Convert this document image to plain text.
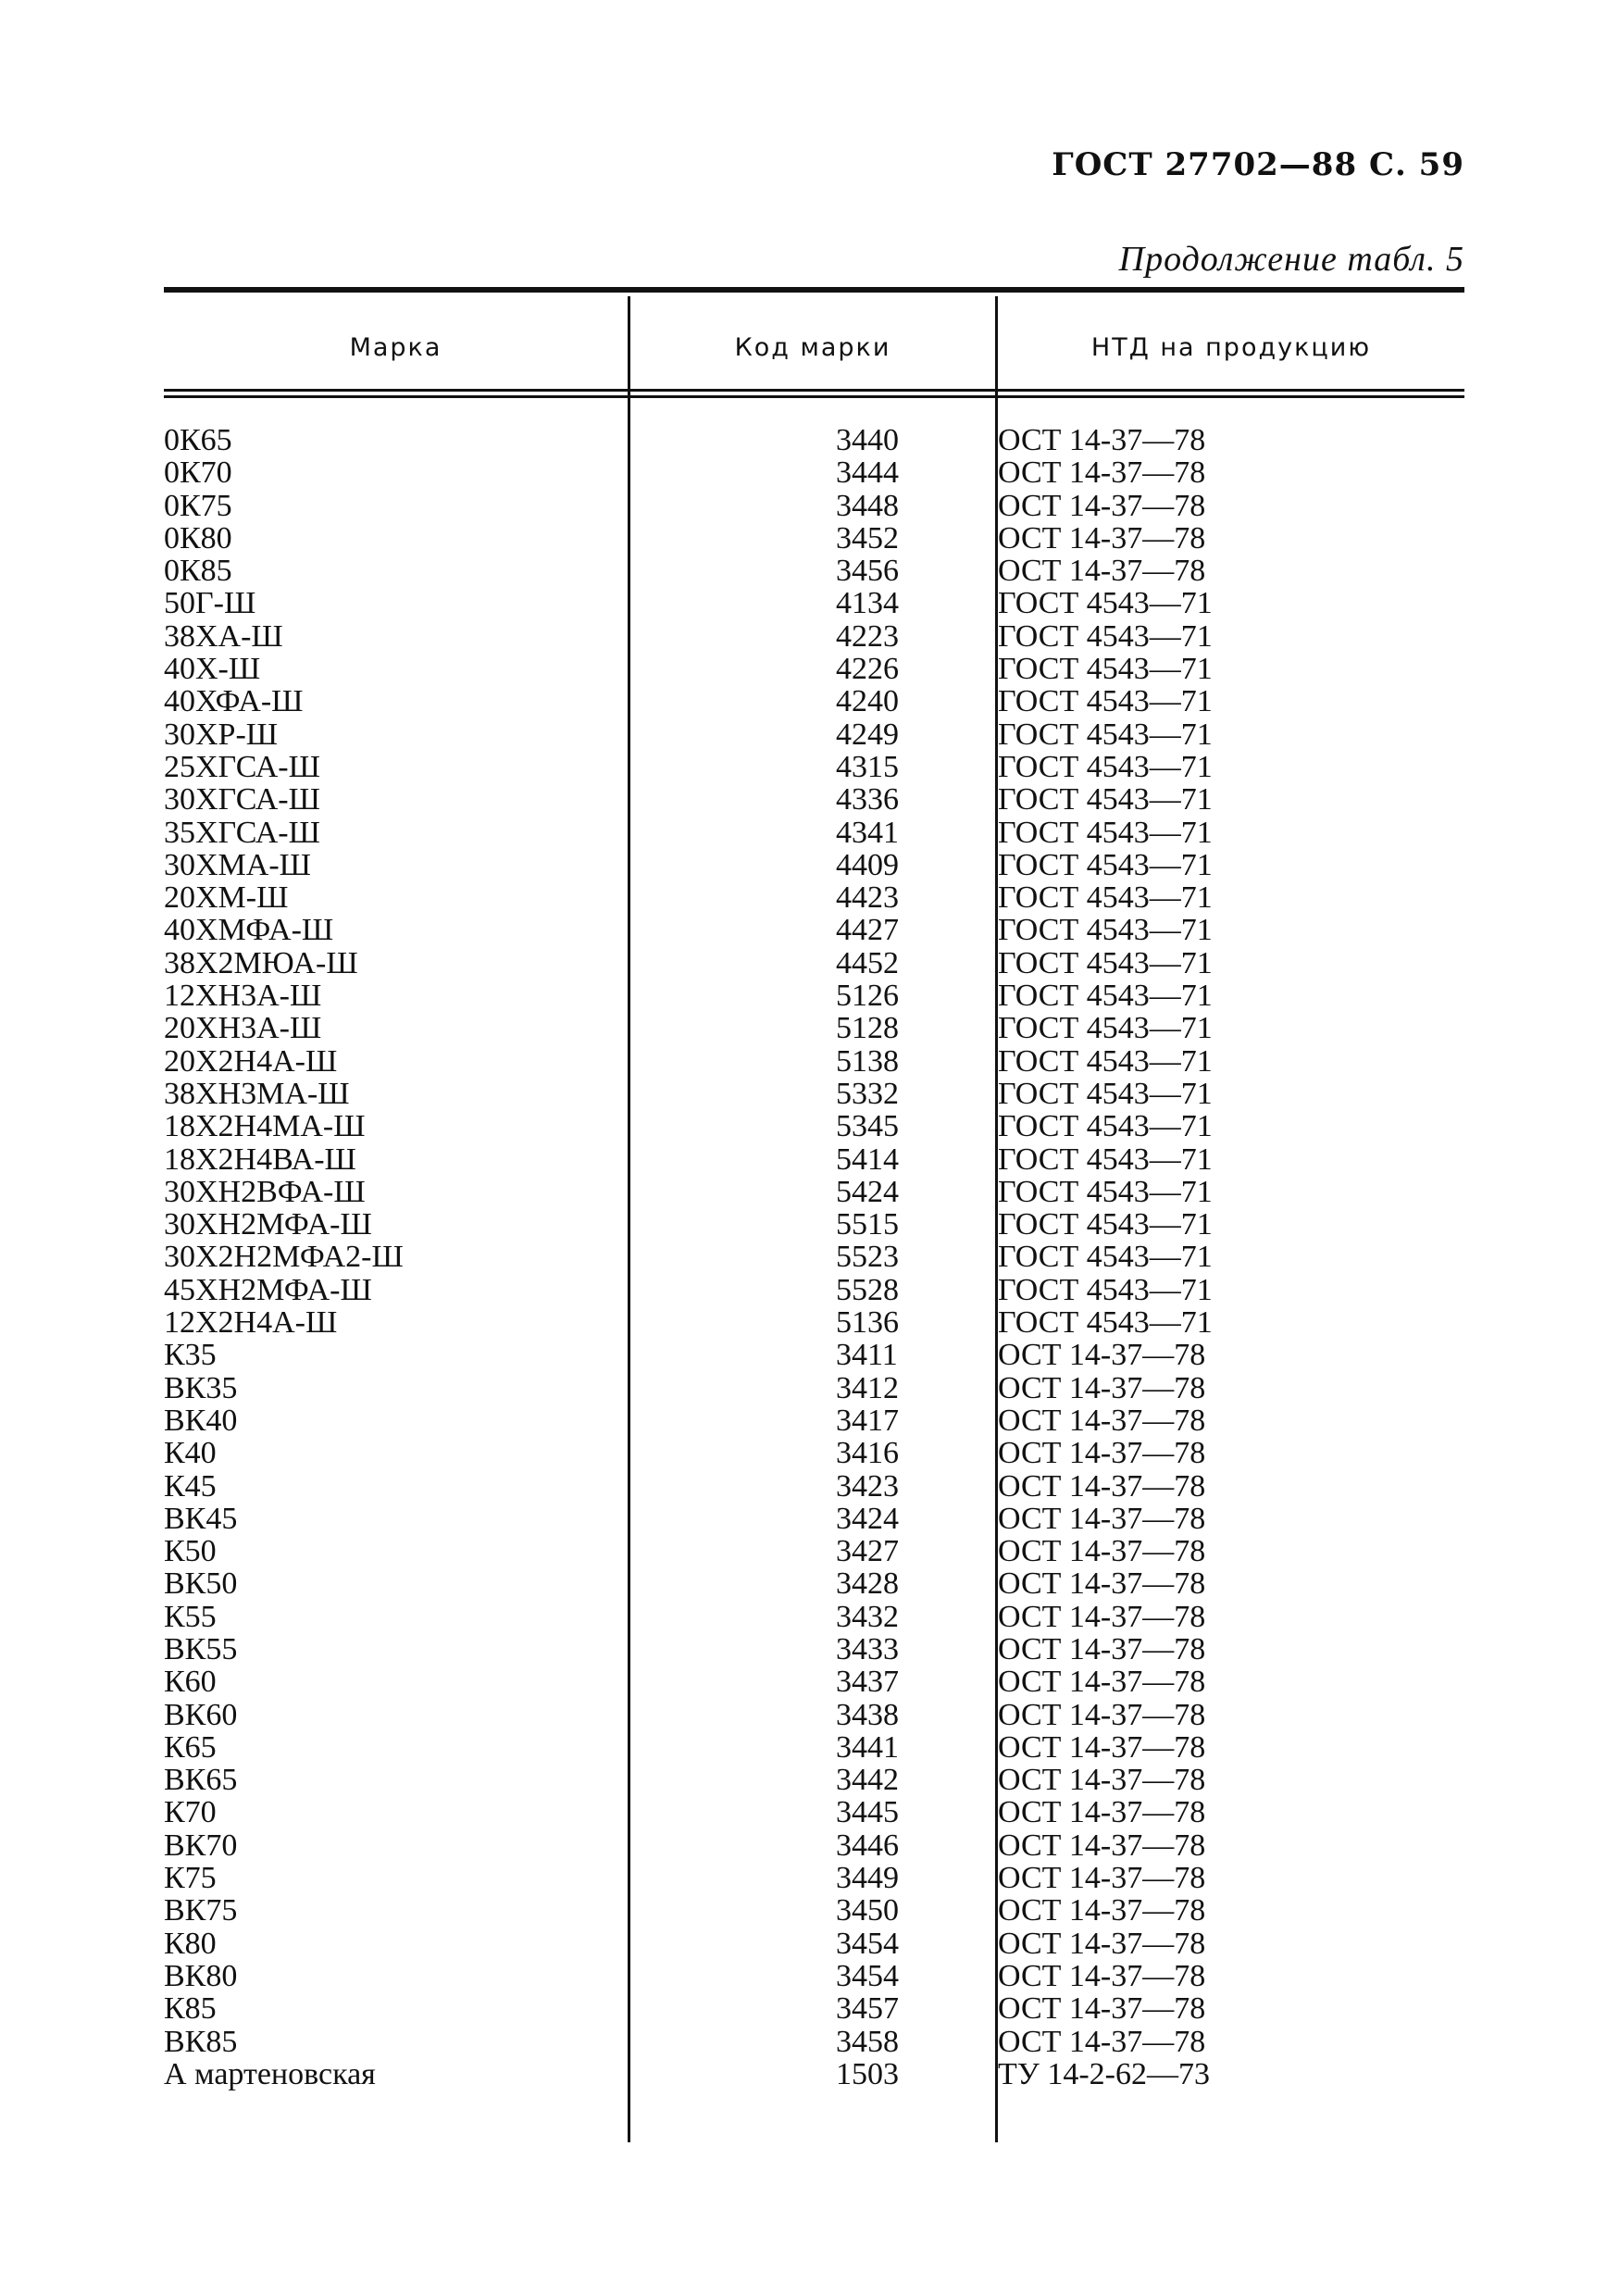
ГОСТ 27702—88 С. 59
Продолжение табл. 5
Марка	Код марки	НТД на продукцию
0К65	3440	ОСТ 14-37—78
0К70	3444	ОСТ 14-37—78
0К75	3448	ОСТ 14-37—78
0К80	3452	ОСТ 14-37—78
0К85	3456	ОСТ 14-37—78
50Г-Ш	4134	ГОСТ 4543—71
38ХА-Ш	4223	ГОСТ 4543—71
40Х-Ш	4226	ГОСТ 4543—71
40ХФА-Ш	4240	ГОСТ 4543—71
30ХР-Ш	4249	ГОСТ 4543—71
25ХГСА-Ш	4315	ГОСТ 4543—71
30ХГСА-Ш	4336	ГОСТ 4543—71
35ХГСА-Ш	4341	ГОСТ 4543—71
30ХМА-Ш	4409	ГОСТ 4543—71
20ХМ-Ш	4423	ГОСТ 4543—71
40ХМФА-Ш	4427	ГОСТ 4543—71
38Х2МЮА-Ш	4452	ГОСТ 4543—71
12ХН3А-Ш	5126	ГОСТ 4543—71
20ХН3А-Ш	5128	ГОСТ 4543—71
20Х2Н4А-Ш	5138	ГОСТ 4543—71
38ХН3МА-Ш	5332	ГОСТ 4543—71
18Х2Н4МА-Ш	5345	ГОСТ 4543—71
18Х2Н4ВА-Ш	5414	ГОСТ 4543—71
30ХН2ВФА-Ш	5424	ГОСТ 4543—71
30ХН2МФА-Ш	5515	ГОСТ 4543—71
30Х2Н2МФА2-Ш	5523	ГОСТ 4543—71
45ХН2МФА-Ш	5528	ГОСТ 4543—71
12Х2Н4А-Ш	5136	ГОСТ 4543—71
К35	3411	ОСТ 14-37—78
ВК35	3412	ОСТ 14-37—78
ВК40	3417	ОСТ 14-37—78
К40	3416	ОСТ 14-37—78
К45	3423	ОСТ 14-37—78
ВК45	3424	ОСТ 14-37—78
К50	3427	ОСТ 14-37—78
ВК50	3428	ОСТ 14-37—78
К55	3432	ОСТ 14-37—78
ВК55	3433	ОСТ 14-37—78
К60	3437	ОСТ 14-37—78
ВК60	3438	ОСТ 14-37—78
К65	3441	ОСТ 14-37—78
ВК65	3442	ОСТ 14-37—78
К70	3445	ОСТ 14-37—78
ВК70	3446	ОСТ 14-37—78
К75	3449	ОСТ 14-37—78
ВК75	3450	ОСТ 14-37—78
К80	3454	ОСТ 14-37—78
ВК80	3454	ОСТ 14-37—78
К85	3457	ОСТ 14-37—78
ВК85	3458	ОСТ 14-37—78
А мартеновская	1503	ТУ 14-2-62—73
